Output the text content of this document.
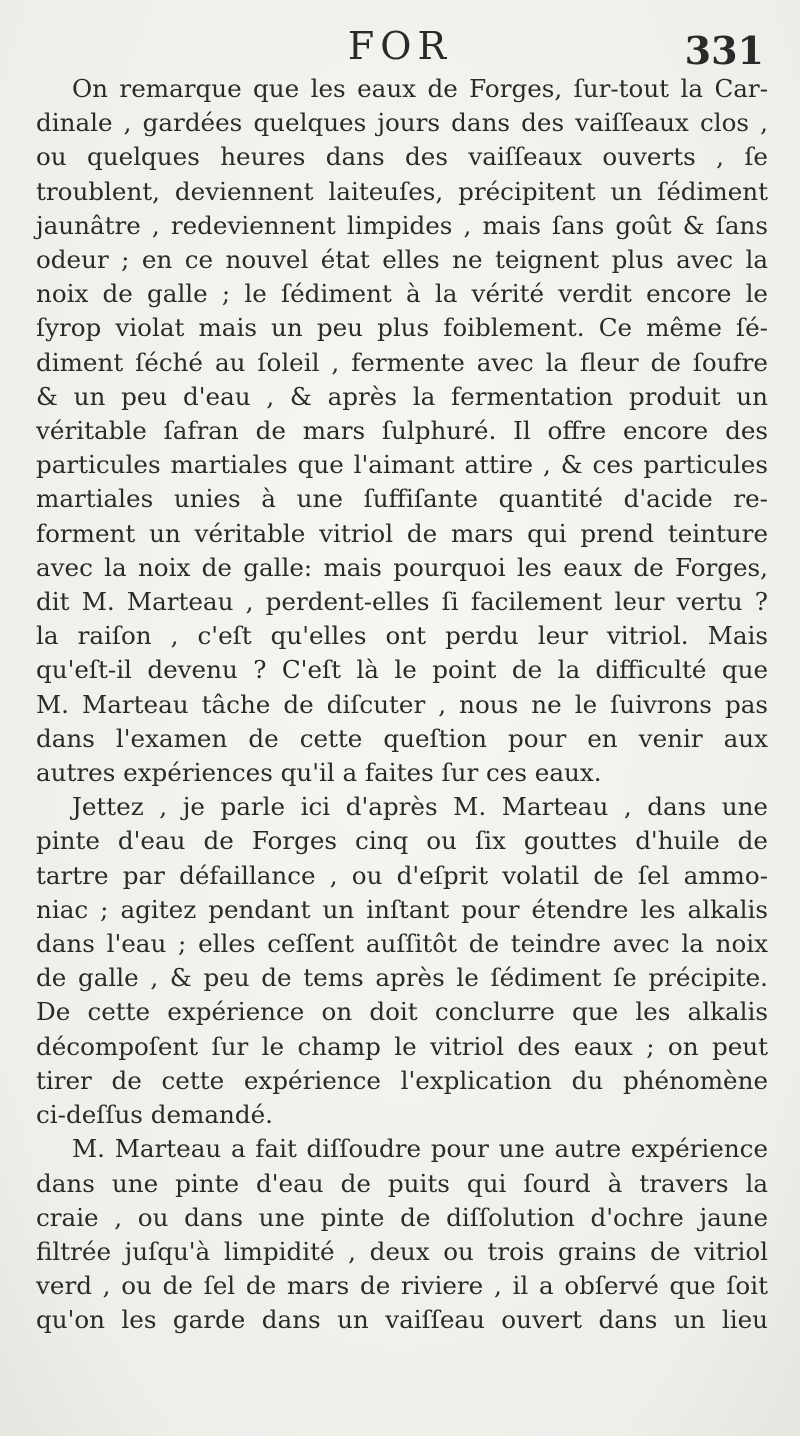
FOR	331
On remarque que les eaux de Forges, ſur-tout la Car-
dinale , gardées quelques jours dans des vaiſſeaux clos ,
ou quelques heures dans des vaiſſeaux ouverts , ſe
troublent, deviennent laiteuſes, précipitent un ſédiment
jaunâtre , redeviennent limpides , mais ſans goût & ſans
odeur ; en ce nouvel état elles ne teignent plus avec la
noix de galle ; le ſédiment à la vérité verdit encore le
ſyrop violat mais un peu plus foiblement. Ce même ſé-
diment ſéché au ſoleil , fermente avec la fleur de ſoufre
& un peu d'eau , & après la fermentation produit un
véritable ſafran de mars ſulphuré. Il offre encore des
particules martiales que l'aimant attire , & ces particules
martiales unies à une ſuffiſante quantité d'acide re-
forment un véritable vitriol de mars qui prend teinture
avec la noix de galle: mais pourquoi les eaux de Forges,
dit M. Marteau , perdent-elles ſi facilement leur vertu ?
la raiſon , c'eſt qu'elles ont perdu leur vitriol. Mais
qu'eſt-il devenu ? C'eſt là le point de la difficulté que
M. Marteau tâche de diſcuter , nous ne le ſuivrons pas
dans l'examen de cette queſtion pour en venir aux
autres expériences qu'il a faites ſur ces eaux.
Jettez , je parle ici d'après M. Marteau , dans une
pinte d'eau de Forges cinq ou ſix gouttes d'huile de
tartre par défaillance , ou d'eſprit volatil de ſel ammo-
niac ; agitez pendant un inſtant pour étendre les alkalis
dans l'eau ; elles ceſſent auſſitôt de teindre avec la noix
de galle , & peu de tems après le ſédiment ſe précipite.
De cette expérience on doit conclurre que les alkalis
décompoſent ſur le champ le vitriol des eaux ; on peut
tirer de cette expérience l'explication du phénomène
ci-deſſus demandé.
M. Marteau a fait diſſoudre pour une autre expérience
dans une pinte d'eau de puits qui ſourd à travers la
craie , ou dans une pinte de diſſolution d'ochre jaune
filtrée juſqu'à limpidité , deux ou trois grains de vitriol
verd , ou de ſel de mars de riviere , il a obſervé que ſoit
qu'on les garde dans un vaiſſeau ouvert dans un lieu
